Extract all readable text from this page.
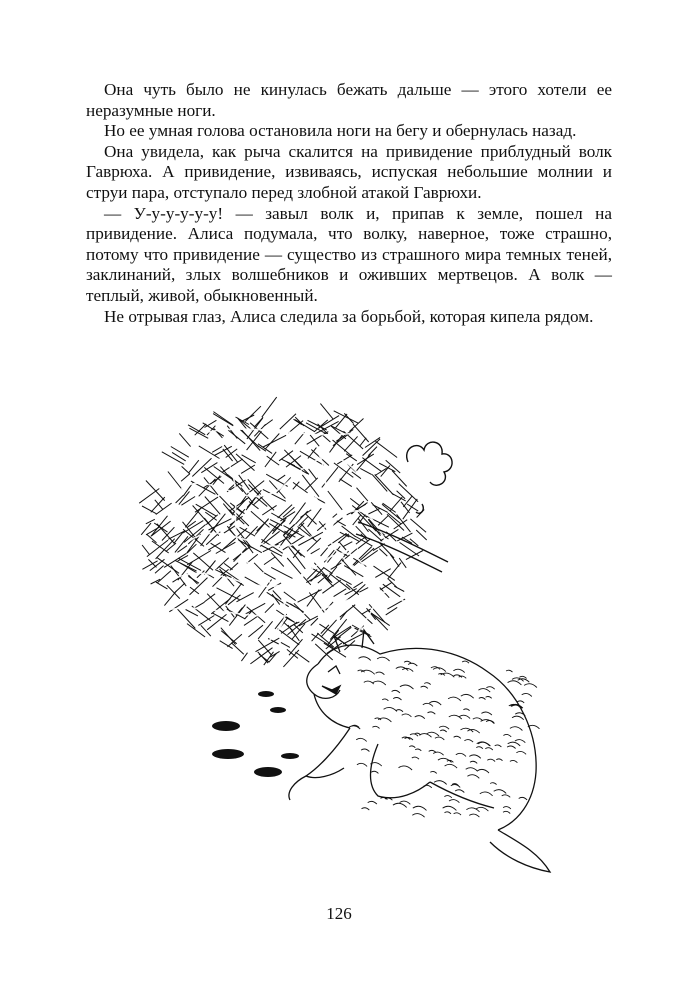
Она чуть было не кинулась бежать дальше — этого хотели ее неразумные ноги.

Но ее умная голова остановила ноги на бегу и обернулась назад.

Она увидела, как рыча скалится на привидение приблудный волк Гаврюха. А привидение, извиваясь, испуская небольшие молнии и струи пара, отступало перед злобной атакой Гаврюхи.

— У-у-у-у-у-у! — завыл волк и, припав к земле, пошел на привидение. Алиса подумала, что волку, наверное, тоже страшно, потому что привидение — существо из страшного мира темных теней, заклинаний, злых волшебников и оживших мертвецов. А волк — теплый, живой, обыкновенный.

Не отрывая глаз, Алиса следила за борьбой, которая кипела рядом.

126
